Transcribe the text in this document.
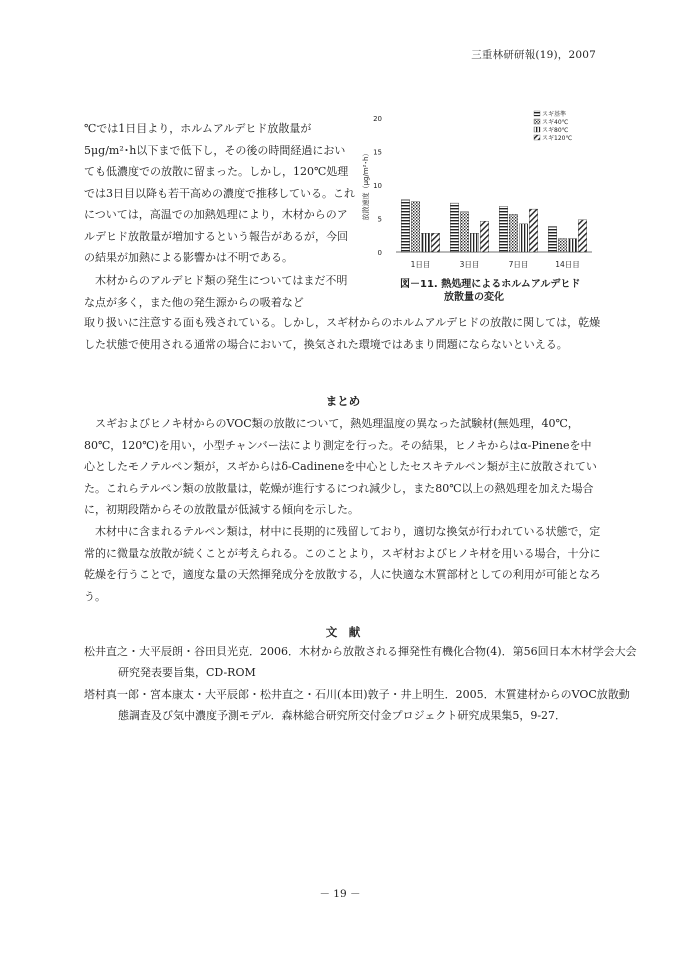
三重林研研報(19)，2007

℃では1日目より，ホルムアルデヒド放散量が5μg/m²･h以下まで低下し，その後の時間経過においても低濃度での放散に留まった。しかし，120℃処理では3日目以降も若干高めの濃度で推移している。これについては，高温での加熱処理により，木材からのアルデヒド放散量が増加するという報告があるが，今回の結果が加熱による影響かは不明である。

木材からのアルデヒド類の発生についてはまだ不明な点が多く，また他の発生源からの吸着など

放散速度（μg/m²･h）
0
5
10
15
20
1日目	3日目	7日目	14日目
スギ基準
スギ40℃
スギ80℃
スギ120℃
図－11. 熱処理によるホルムアルデヒド
放散量の変化

取り扱いに注意する面も残されている。しかし，スギ材からのホルムアルデヒドの放散に関しては，乾燥した状態で使用される通常の場合において，換気された環境ではあまり問題にならないといえる。

まとめ

スギおよびヒノキ材からのVOC類の放散について，熱処理温度の異なった試験材(無処理，40℃，80℃，120℃)を用い，小型チャンバー法により測定を行った。その結果，ヒノキからはα-Pineneを中心としたモノテルペン類が，スギからはδ-Cadineneを中心としたセスキテルペン類が主に放散されていた。これらテルペン類の放散量は，乾燥が進行するにつれ減少し，また80℃以上の熱処理を加えた場合に，初期段階からその放散量が低減する傾向を示した。

木材中に含まれるテルペン類は，材中に長期的に残留しており，適切な換気が行われている状態で，定常的に微量な放散が続くことが考えられる。このことより，スギ材およびヒノキ材を用いる場合，十分に乾燥を行うことで，適度な量の天然揮発成分を放散する，人に快適な木質部材としての利用が可能となろう。

文　献

松井直之・大平辰朗・谷田貝光克．2006．木材から放散される揮発性有機化合物(4)．第56回日本木材学会大会研究発表要旨集，CD-ROM

塔村真一郎・宮本康太・大平辰郎・松井直之・石川(本田)敦子・井上明生．2005．木質建材からのVOC放散動態調査及び気中濃度予測モデル．森林総合研究所交付金プロジェクト研究成果集5，9-27．

－ 19 －
